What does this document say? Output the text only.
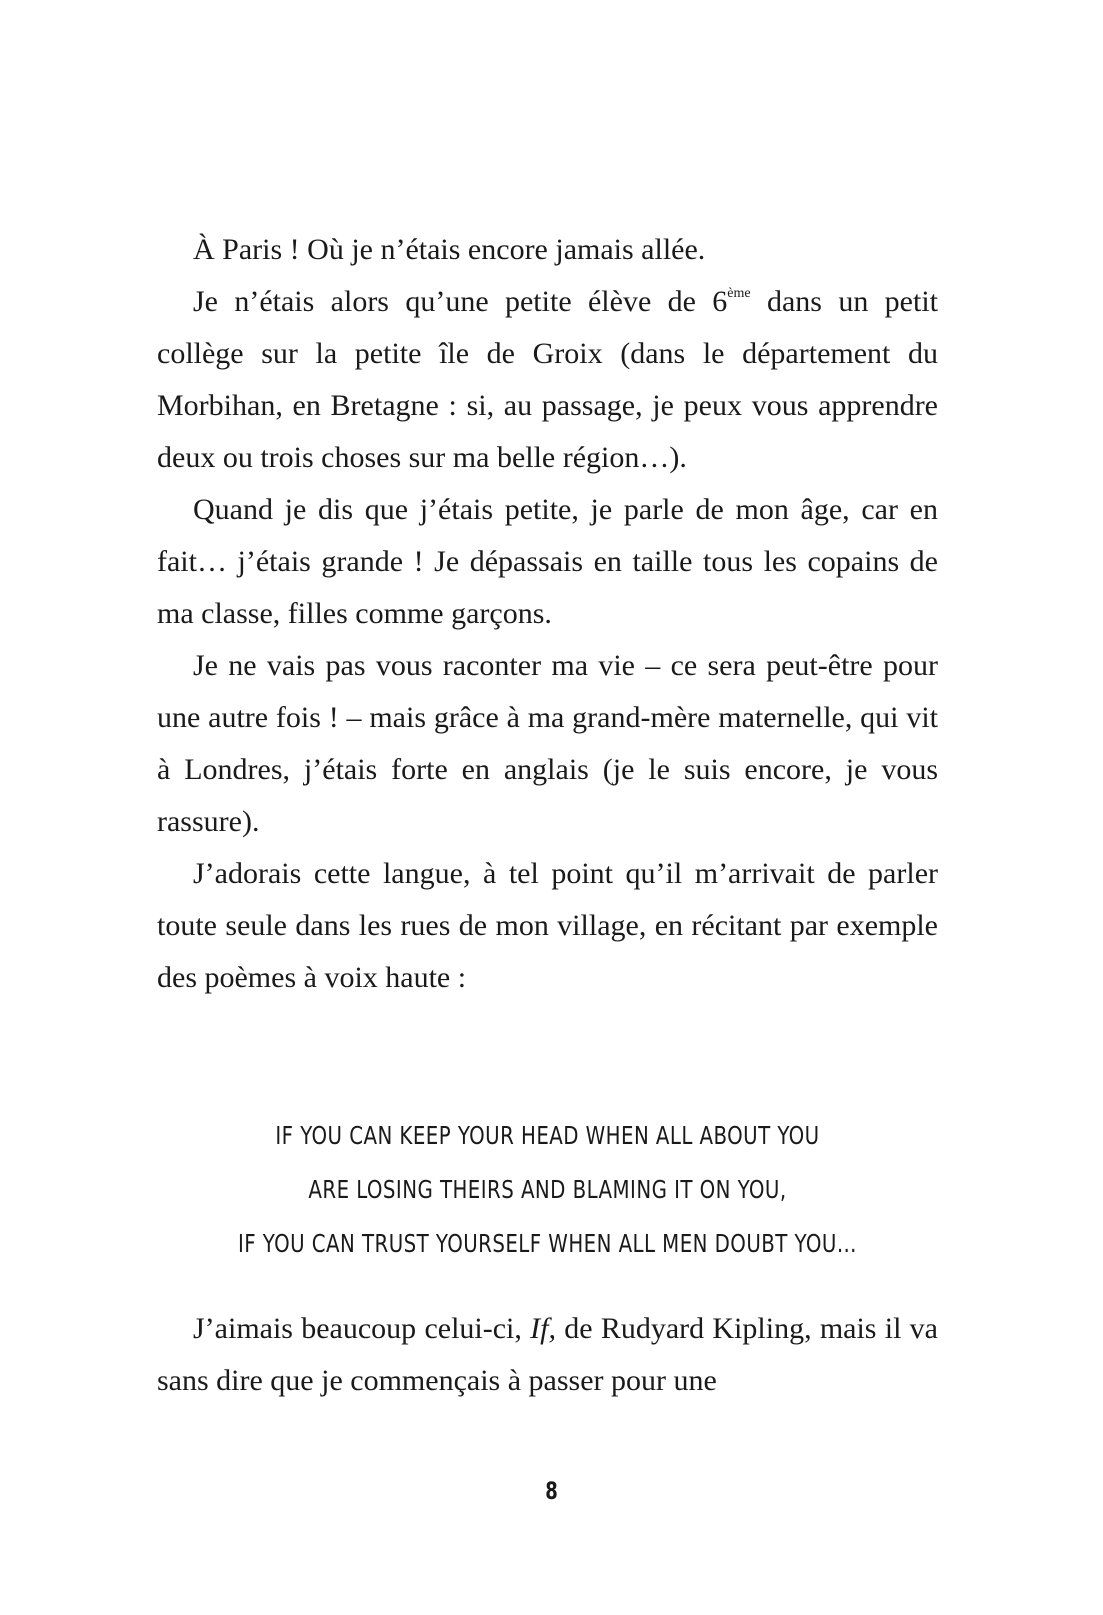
À Paris ! Où je n’étais encore jamais allée.

Je n’étais alors qu’une petite élève de 6ème dans un petit collège sur la petite île de Groix (dans le département du Morbihan, en Bretagne : si, au passage, je peux vous apprendre deux ou trois choses sur ma belle région…).

Quand je dis que j’étais petite, je parle de mon âge, car en fait… j’étais grande ! Je dépassais en taille tous les copains de ma classe, filles comme garçons.

Je ne vais pas vous raconter ma vie – ce sera peut-être pour une autre fois ! – mais grâce à ma grand-mère maternelle, qui vit à Londres, j’étais forte en anglais (je le suis encore, je vous rassure).

J’adorais cette langue, à tel point qu’il m’arrivait de parler toute seule dans les rues de mon village, en récitant par exemple des poèmes à voix haute :

IF YOU CAN KEEP YOUR HEAD WHEN ALL ABOUT YOU
ARE LOSING THEIRS AND BLAMING IT ON YOU,
IF YOU CAN TRUST YOURSELF WHEN ALL MEN DOUBT YOU…

J’aimais beaucoup celui-ci, If, de Rudyard Kipling, mais il va sans dire que je commençais à passer pour une

8
